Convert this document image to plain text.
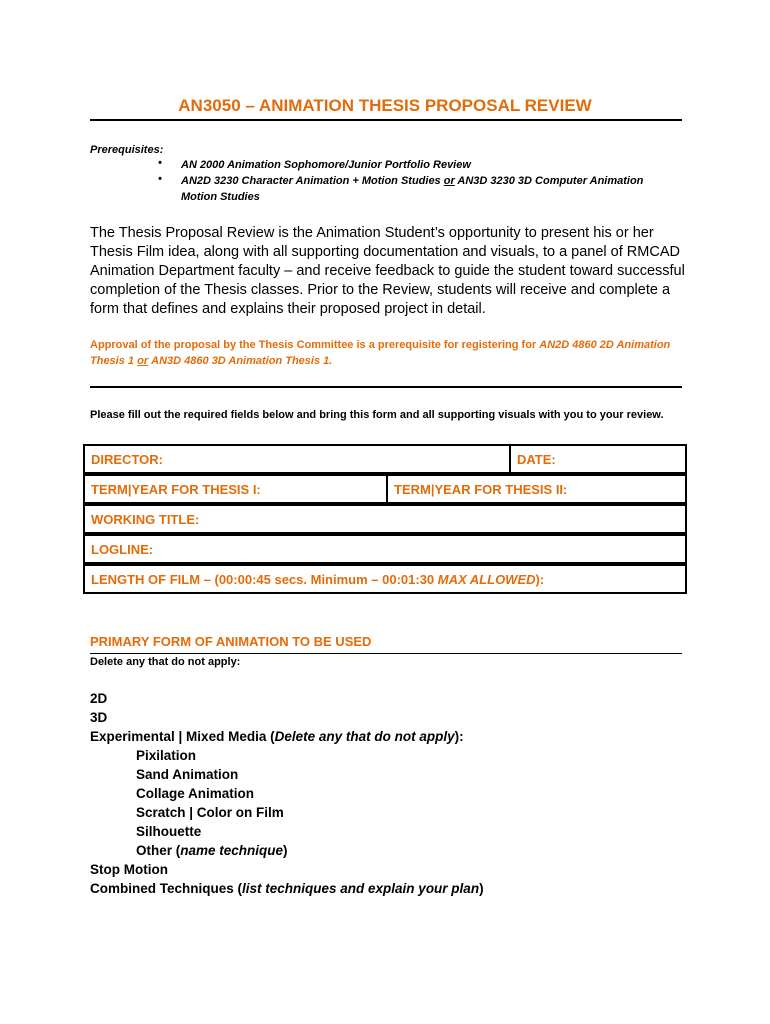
AN3050 – ANIMATION THESIS PROPOSAL REVIEW
Prerequisites:
• AN 2000 Animation Sophomore/Junior Portfolio Review
• AN2D 3230 Character Animation + Motion Studies or AN3D 3230 3D Computer Animation Motion Studies
The Thesis Proposal Review is the Animation Student’s opportunity to present his or her Thesis Film idea, along with all supporting documentation and visuals, to a panel of RMCAD Animation Department faculty – and receive feedback to guide the student toward successful completion of the Thesis classes. Prior to the Review, students will receive and complete a form that defines and explains their proposed project in detail.
Approval of the proposal by the Thesis Committee is a prerequisite for registering for AN2D 4860 2D Animation Thesis 1 or AN3D 4860 3D Animation Thesis 1.
Please fill out the required fields below and bring this form and all supporting visuals with you to your review.
DIRECTOR:	DATE:
TERM|YEAR FOR THESIS I:	TERM|YEAR FOR THESIS II:
WORKING TITLE:
LOGLINE:
LENGTH OF FILM – (00:00:45 secs. Minimum – 00:01:30 MAX ALLOWED):
PRIMARY FORM OF ANIMATION TO BE USED
Delete any that do not apply:
2D
3D
Experimental | Mixed Media (Delete any that do not apply):
Pixilation
Sand Animation
Collage Animation
Scratch | Color on Film
Silhouette
Other (name technique)
Stop Motion
Combined Techniques (list techniques and explain your plan)
